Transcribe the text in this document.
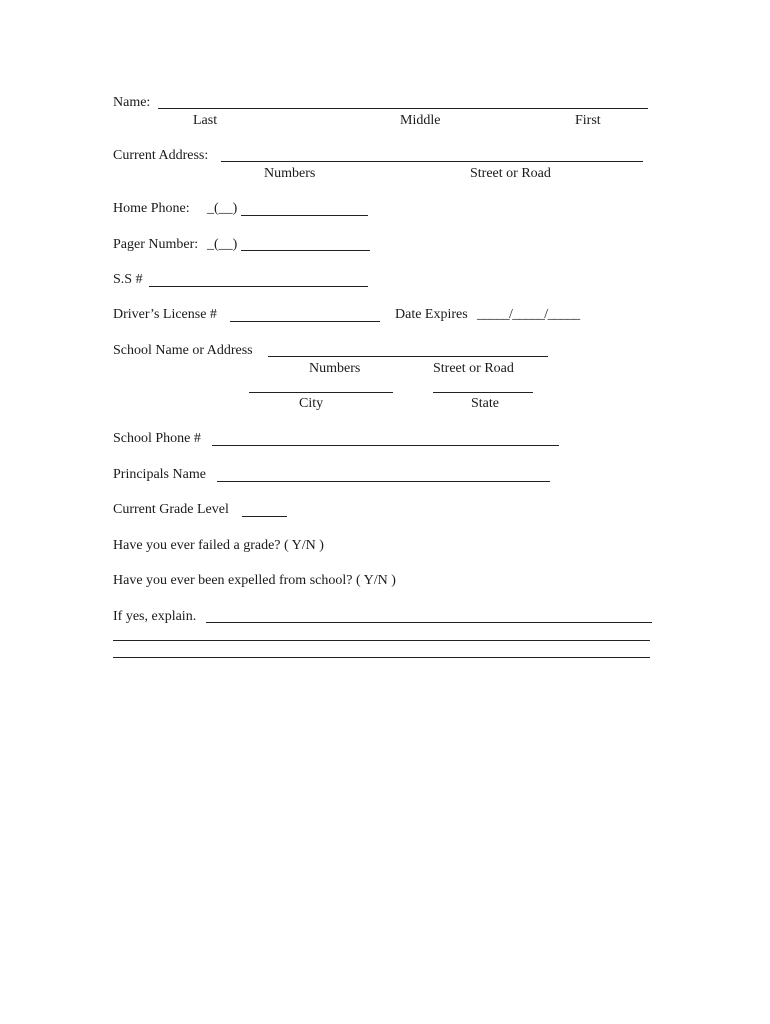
Name:
Last	Middle	First
Current Address:
Numbers	Street or Road
Home Phone: _(__)
Pager Number: _(__)
S.S #
Driver’s License #	Date Expires _____/_____/_____
School Name or Address
Numbers	Street or Road
City	State
School Phone #
Principals Name
Current Grade Level
Have you ever failed a grade? ( Y/N )
Have you ever been expelled from school? ( Y/N )
If yes, explain.
